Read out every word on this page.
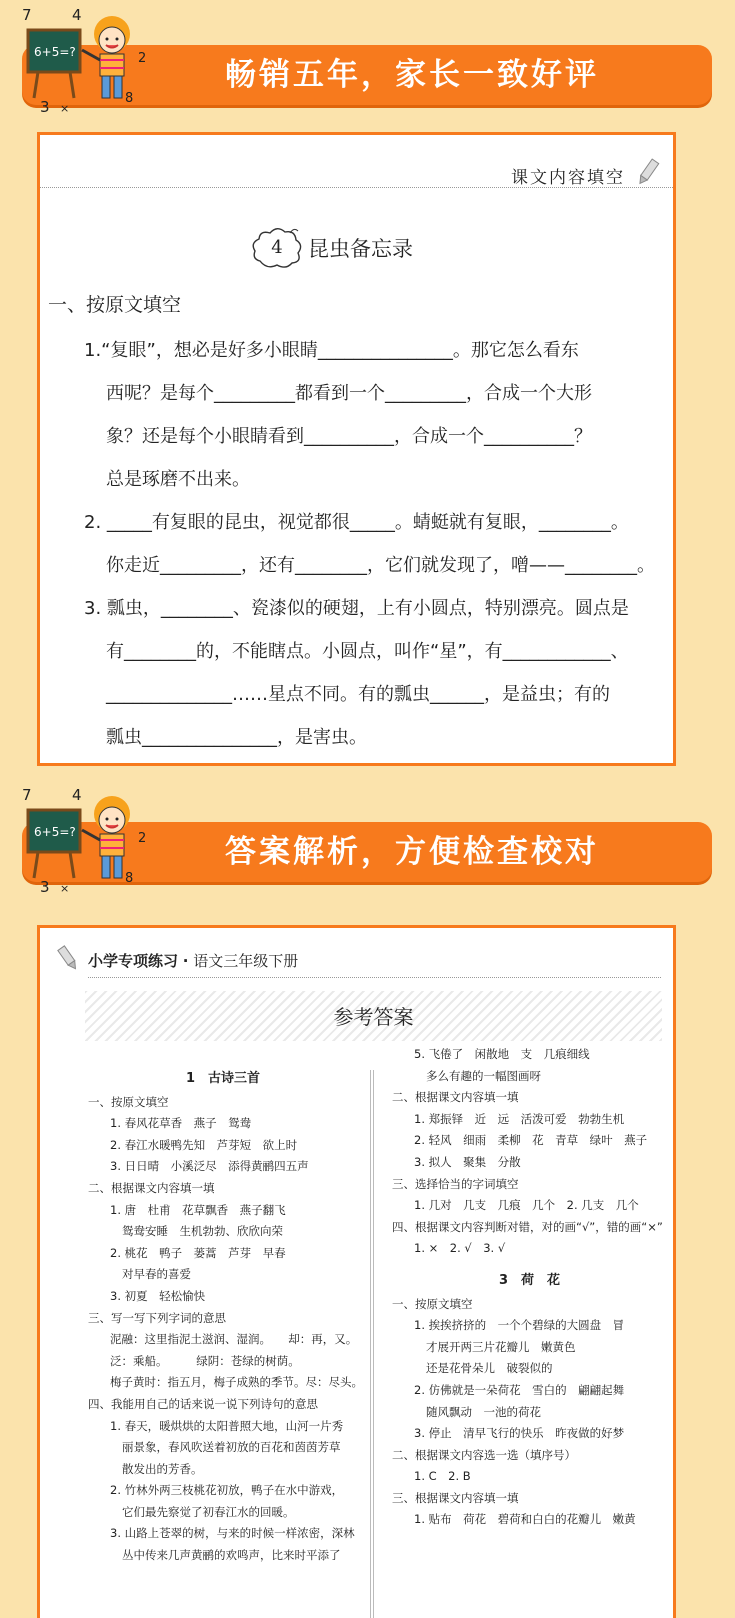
畅销五年，家长一致好评
7	4
2
3 ×
8
6+5=?
课文内容填空
4	昆虫备忘录
一、按原文填空
1.“复眼”，想必是好多小眼睛_______________。那它怎么看东
西呢？是每个_________都看到一个_________，合成一个大形
象？还是每个小眼睛看到__________，合成一个__________？
总是琢磨不出来。
2. _____有复眼的昆虫，视觉都很_____。蜻蜓就有复眼，________。
你走近_________，还有________，它们就发现了，噌——________。
3. 瓢虫，________、瓷漆似的硬翅，上有小圆点，特别漂亮。圆点是
有________的，不能瞎点。小圆点，叫作“星”，有____________、
______________……星点不同。有的瓢虫______，是益虫；有的
瓢虫_______________，是害虫。
答案解析，方便检查校对
7	4
2
3 ×
8
6+5=?
小学专项练习 · 语文三年级下册
参考答案
1　古诗三首
一、按原文填空
1. 春风花草香　燕子　鸳鸯
2. 春江水暖鸭先知　芦芽短　欲上时
3. 日日晴　小溪泛尽　添得黄鹂四五声
二、根据课文内容填一填
1. 唐　杜甫　花草飘香　燕子翻飞
鸳鸯安睡　生机勃勃、欣欣向荣
2. 桃花　鸭子　蒌蒿　芦芽　早春
对早春的喜爱
3. 初夏　轻松愉快
三、写一写下列字词的意思
泥融：这里指泥土滋润、湿润。　　却：再，又。
泛：乘船。　　　绿阴：苍绿的树荫。
梅子黄时：指五月，梅子成熟的季节。尽：尽头。
四、我能用自己的话来说一说下列诗句的意思
1. 春天，暖烘烘的太阳普照大地，山河一片秀
丽景象，春风吹送着初放的百花和茵茵芳草
散发出的芳香。
2. 竹林外两三枝桃花初放，鸭子在水中游戏，
它们最先察觉了初春江水的回暖。
3. 山路上苍翠的树，与来的时候一样浓密，深林
丛中传来几声黄鹂的欢鸣声，比来时平添了
5. 飞倦了　闲散地　支　几痕细线
多么有趣的一幅图画呀
二、根据课文内容填一填
1. 郑振铎　近　远　活泼可爱　勃勃生机
2. 轻风　细雨　柔柳　花　青草　绿叶　燕子
3. 拟人　聚集　分散
三、选择恰当的字词填空
1. 几对　几支　几痕　几个　2. 几支　几个
四、根据课文内容判断对错，对的画“√”，错的画“×”
1. ×　2. √　3. √
3　荷　花
一、按原文填空
1. 挨挨挤挤的　一个个碧绿的大圆盘　冒
才展开两三片花瓣儿　嫩黄色
还是花骨朵儿　破裂似的
2. 仿佛就是一朵荷花　雪白的　翩翩起舞
随风飘动　一池的荷花
3. 停止　清早飞行的快乐　昨夜做的好梦
二、根据课文内容选一选（填序号）
1. C　2. B
三、根据课文内容填一填
1. 贴布　荷花　碧荷和白白的花瓣儿　嫩黄
